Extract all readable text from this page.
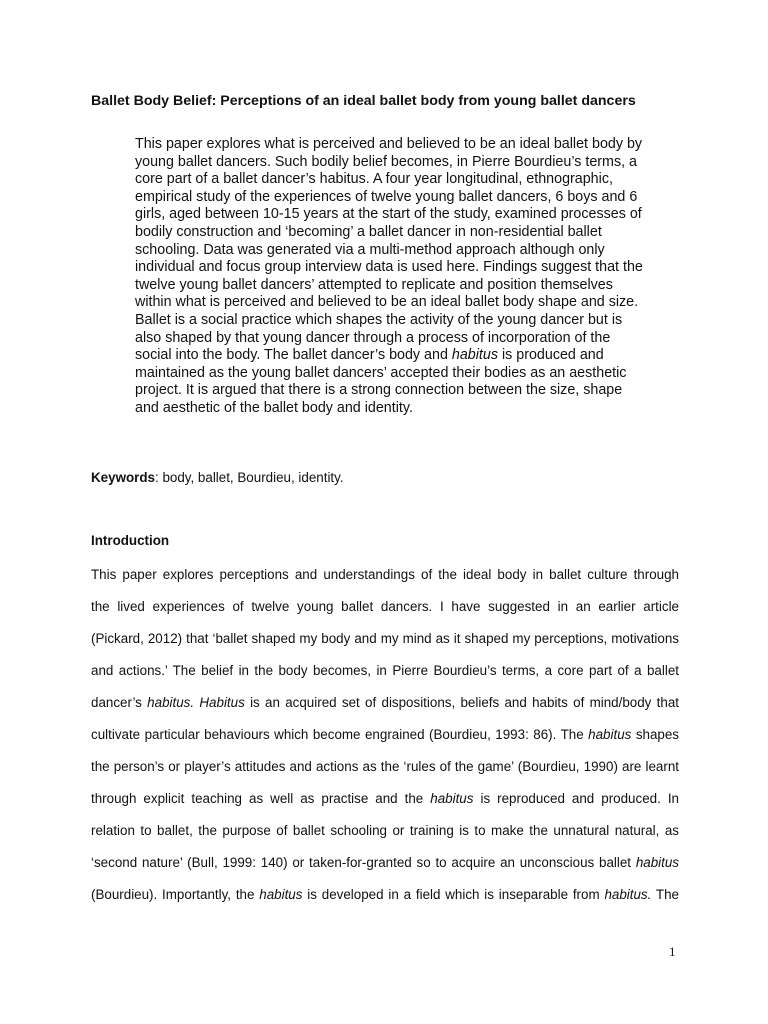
Ballet Body Belief: Perceptions of an ideal ballet body from young ballet dancers
This paper explores what is perceived and believed to be an ideal ballet body by
young ballet dancers. Such bodily belief becomes, in Pierre Bourdieu’s terms, a
core part of a ballet dancer’s habitus. A four year longitudinal, ethnographic,
empirical study of the experiences of twelve young ballet dancers, 6 boys and 6
girls, aged between 10-15 years at the start of the study, examined processes of
bodily construction and ‘becoming’ a ballet dancer in non-residential ballet
schooling. Data was generated via a multi-method approach although only
individual and focus group interview data is used here. Findings suggest that the
twelve young ballet dancers’ attempted to replicate and position themselves
within what is perceived and believed to be an ideal ballet body shape and size.
Ballet is a social practice which shapes the activity of the young dancer but is
also shaped by that young dancer through a process of incorporation of the
social into the body. The ballet dancer’s body and habitus is produced and
maintained as the young ballet dancers’ accepted their bodies as an aesthetic
project. It is argued that there is a strong connection between the size, shape
and aesthetic of the ballet body and identity.
Keywords: body, ballet, Bourdieu, identity.
Introduction
This paper explores perceptions and understandings of the ideal body in ballet culture through
the lived experiences of twelve young ballet dancers. I have suggested in an earlier article
(Pickard, 2012) that ‘ballet shaped my body and my mind as it shaped my perceptions, motivations
and actions.’ The belief in the body becomes, in Pierre Bourdieu’s terms, a core part of a ballet
dancer’s habitus. Habitus is an acquired set of dispositions, beliefs and habits of mind/body that
cultivate particular behaviours which become engrained (Bourdieu, 1993: 86). The habitus shapes
the person’s or player’s attitudes and actions as the ‘rules of the game’ (Bourdieu, 1990) are learnt
through explicit teaching as well as practise and the habitus is reproduced and produced. In
relation to ballet, the purpose of ballet schooling or training is to make the unnatural natural, as
‘second nature’ (Bull, 1999: 140) or taken-for-granted so to acquire an unconscious ballet habitus
(Bourdieu). Importantly, the habitus is developed in a field which is inseparable from habitus. The
1
